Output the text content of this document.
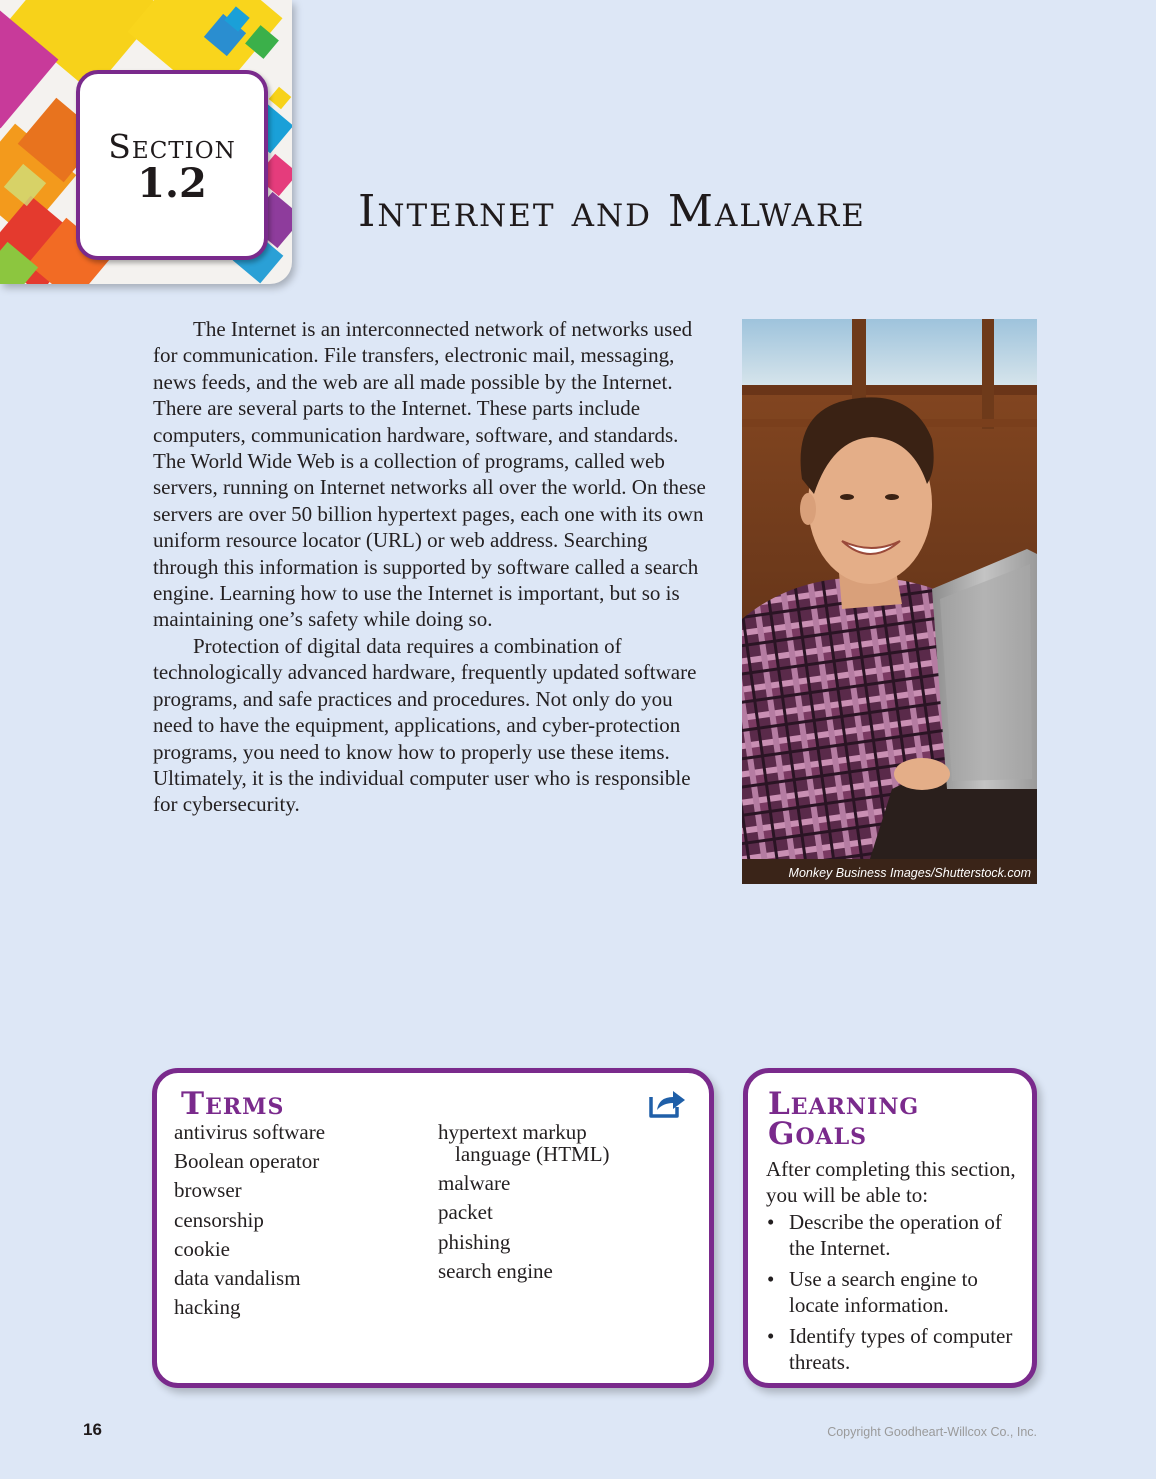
Section
1.2
Internet and Malware

The Internet is an interconnected network of networks used for communication. File transfers, electronic mail, messaging, news feeds, and the web are all made possible by the Internet. There are several parts to the Internet. These parts include computers, communication hardware, software, and standards. The World Wide Web is a collection of programs, called web servers, running on Internet networks all over the world. On these servers are over 50 billion hypertext pages, each one with its own uniform resource locator (URL) or web address. Searching through this information is supported by software called a search engine. Learning how to use the Internet is important, but so is maintaining one’s safety while doing so.

Protection of digital data requires a combination of technologically advanced hardware, frequently updated software programs, and safe practices and procedures. Not only do you need to have the equipment, applications, and cyber-protection programs, you need to know how to properly use these items. Ultimately, it is the individual computer user who is responsible for cybersecurity.

Monkey Business Images/Shutterstock.com
Terms
antivirus software
Boolean operator
browser
censorship
cookie
data vandalism
hacking
hypertext markup
language (HTML)
malware
packet
phishing
search engine
Learning
Goals

After completing this section, you will be able to:

• Describe the operation of the Internet.
• Use a search engine to locate information.
• Identify types of computer threats.
16	Copyright Goodheart-Willcox Co., Inc.
